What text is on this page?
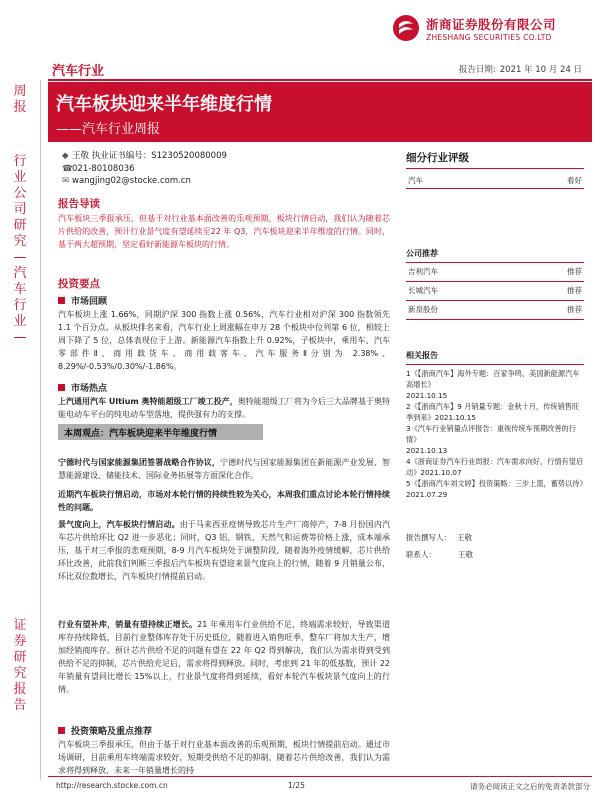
浙商证券股份有限公司
ZHESHANG SECURITIES CO.LTD
汽车行业	报告日期: 2021 年 10 月 24 日
周报
行业公司研究—汽车行业—
证券研究报告
汽车板块迎来半年维度行情
——汽车行业周报
◆ 王敬 执业证书编号：S1230520080009
☎021-80108036
✉ wangjing02@stocke.com.cn
报告导读
汽车板块三季报承压，但基于对行业基本面改善的乐观预期，板块行情启动，我们认为随着芯片供给的改善，预计行业景气度有望延续至22 年 Q3，汽车板块迎来半年维度的行情。同时，基于两大超预期，坚定看好新能源车板块的行情。
投资要点
市场回顾
汽车板块上涨 1.66%，同期沪深 300 指数上涨 0.56%，汽车行业相对沪深 300 指数领先 1.1 个百分点。从板块排名来看，汽车行业上周涨幅在申万 28 个板块中位列第 6 位，相较上周下降了 5 位，总体表现位于上游。新能源汽车指数上升 0.92%，子板块中，乘用车、汽车零部件Ⅱ、商用载货车、商用载客车、汽车服务Ⅱ分别为 2.38%、8.29%/-0.53%/0.30%/-1.86%。
市场热点
上汽通用汽车 Ultium 奥特能超级工厂竣工投产，奥特能超级工厂将为今后三大品牌基于奥特能电动车平台的纯电动车型落地，提供强有力的支撑。
本周观点：汽车板块迎来半年维度行情
宁德时代与国家能源集团签署战略合作协议，宁德时代与国家能源集团在新能源产业发展、智慧能源建设、储能技术、国际业务拓展等方面深化合作。
近期汽车板块行情启动，市场对本轮行情的持续性较为关心，本周我们重点讨论本轮行情持续性的问题。
景气度向上，汽车板块行情启动。由于马来西亚疫情导致芯片生产厂商停产，7-8 月份国内汽车芯片供给环比 Q2 进一步恶化；同时，Q3 铝、钢铁、天然气和运费等价格上涨，成本端承压，基于对三季报的悲观预期，8-9 月汽车板块处于调整阶段，随着海外疫情缓解，芯片供给环比改善，此前我们判断三季报后汽车板块有望迎来景气度向上的行情，随着 9 月销量公布，环比双位数增长，汽车板块行情提前启动。
行业有望补库，销量有望持续正增长。21 年乘用车行业供给不足，终端需求较好，导致渠道库存持续降低，目前行业整体库存处于历史低位，随着进入销售旺季，整车厂将加大生产，增加经销商库存。预计芯片供给不足的问题有望在 22 年 Q2 得到解决，我们认为需求得到受到供给不足的抑制，芯片供给充足后，需求将得到释放。同时，考虑到 21 年的低基数，预计 22 年销量有望同比增长 15%以上，行业景气度将得到延续，看好本轮汽车板块景气度向上的行情。
投资策略及重点推荐
汽车板块三季报承压，但由于基于对行业基本面改善的乐观预期，板块行情提前启动。通过市场调研，目前乘用车终端需求较好，短期受供给不足的抑制，随着芯片供给改善，我们认为需求将得到释放，未来一年销量增长的持
细分行业评级
汽车	看好
公司推荐
吉利汽车	推荐
长城汽车	推荐
新泉股份	推荐
相关报告
1《【浙商汽车】海外专题：百家争鸣，美国新能源汽车高增长》
2021.10.15
2《【浙商汽车】9 月销量专题：金秋十月，传统销售旺季到来》2021.10.15
3《汽车行业销量点评报告：重视传统车预期改善的行情》
2021.10.13
4《浙商证券汽车行业周报：汽车需求向好，行情有望启动》2021.10.07
5《【浙商汽车刘文婷】投资策略：三步上篮，蓄势以待》2021.07.29
报告撰写人： 王敬
联系人：	王敬
http://research.stocke.com.cn	1/25	请务必阅读正文之后的免责条款部分
